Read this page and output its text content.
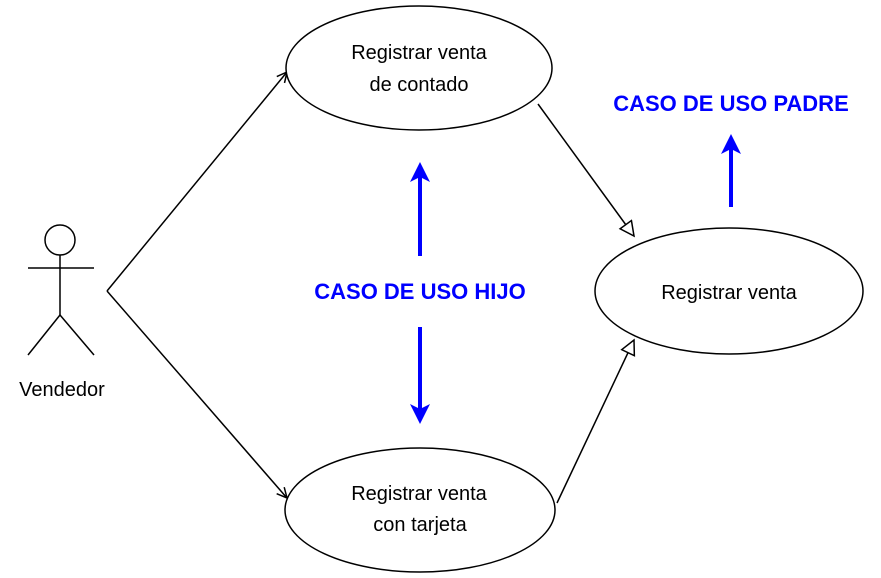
Vendedor
Registrar venta
de contado
Registrar venta
con tarjeta
Registrar venta
CASO DE USO HIJO
CASO DE USO PADRE
